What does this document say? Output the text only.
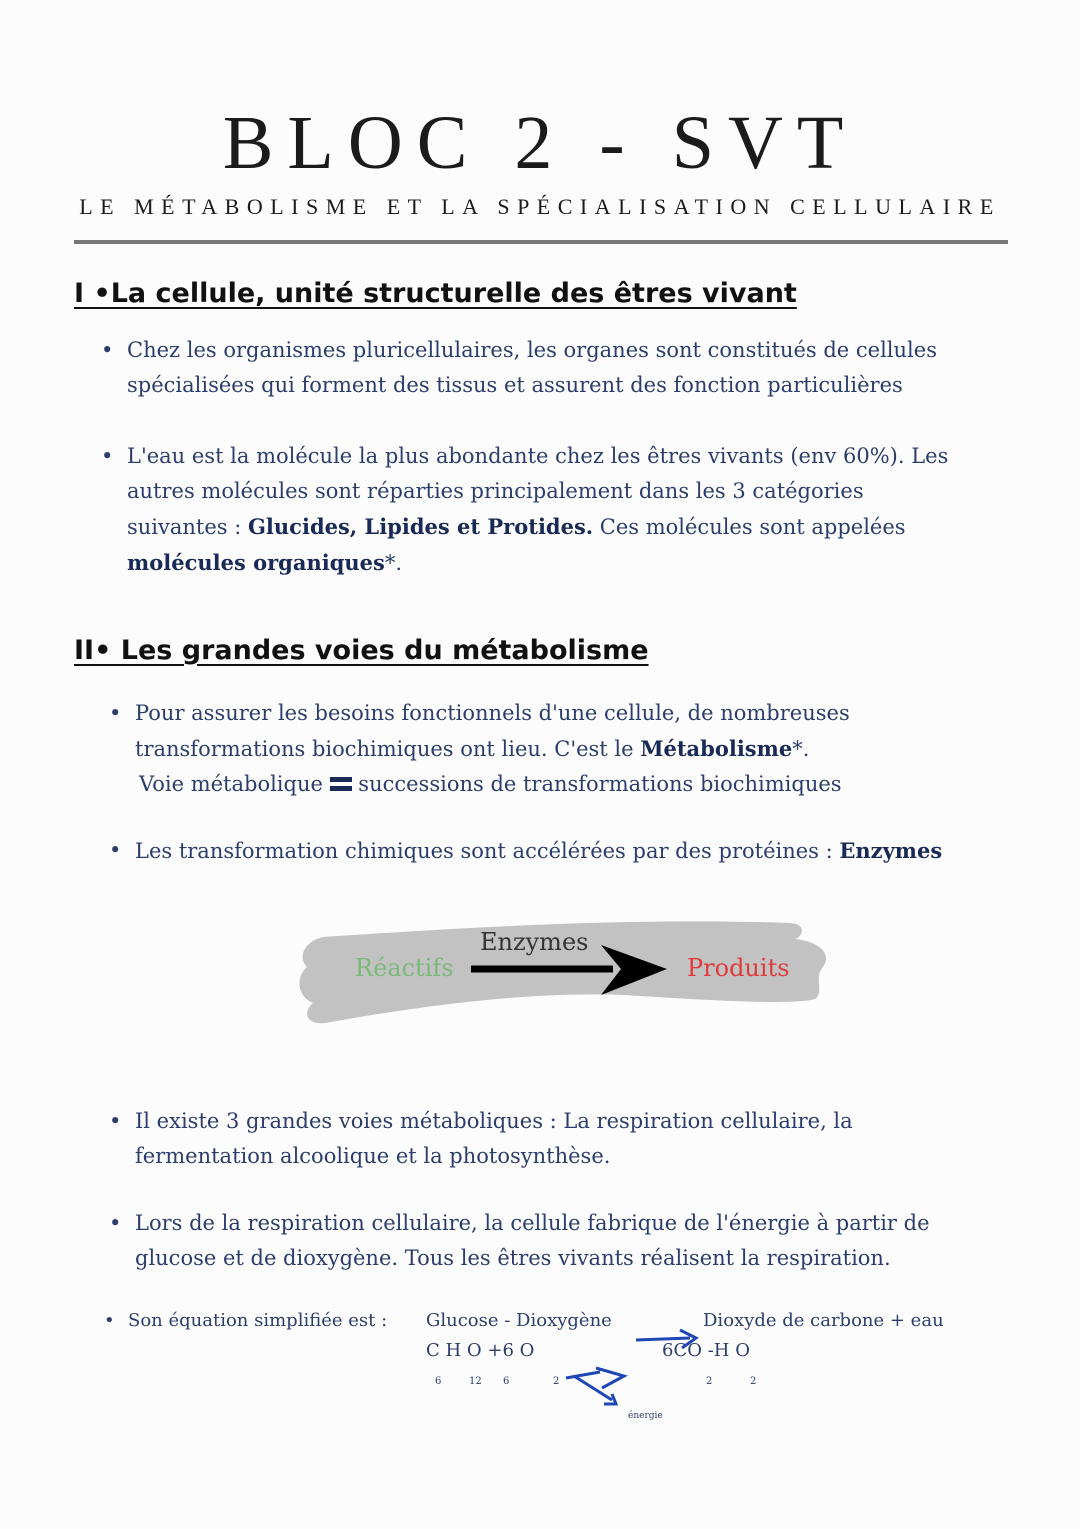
BLOC 2 - SVT
LE MÉTABOLISME ET LA SPÉCIALISATION CELLULAIRE
I •La cellule, unité structurelle des êtres vivant
• Chez les organismes pluricellulaires, les organes sont constitués de cellules
spécialisées qui forment des tissus et assurent des fonction particulières
• L'eau est la molécule la plus abondante chez les êtres vivants (env 60%). Les
autres molécules sont réparties principalement dans les 3 catégories
suivantes : Glucides, Lipides et Protides. Ces molécules sont appelées
molécules organiques*.
II• Les grandes voies du métabolisme
• Pour assurer les besoins fonctionnels d'une cellule, de nombreuses
transformations biochimiques ont lieu. C'est le Métabolisme*.
Voie métabolique successions de transformations biochimiques
• Les transformation chimiques sont accélérées par des protéines : Enzymes
Réactifs
Enzymes
Produits
• Il existe 3 grandes voies métaboliques : La respiration cellulaire, la
fermentation alcoolique et la photosynthèse.
• Lors de la respiration cellulaire, la cellule fabrique de l'énergie à partir de
glucose et de dioxygène. Tous les êtres vivants réalisent la respiration.
• Son équation simplifiée est : Glucose - Dioxygène	Dioxyde de carbone + eau
C H O +6 O	6CO -H O
6	12 6	2	2	2
énergie
